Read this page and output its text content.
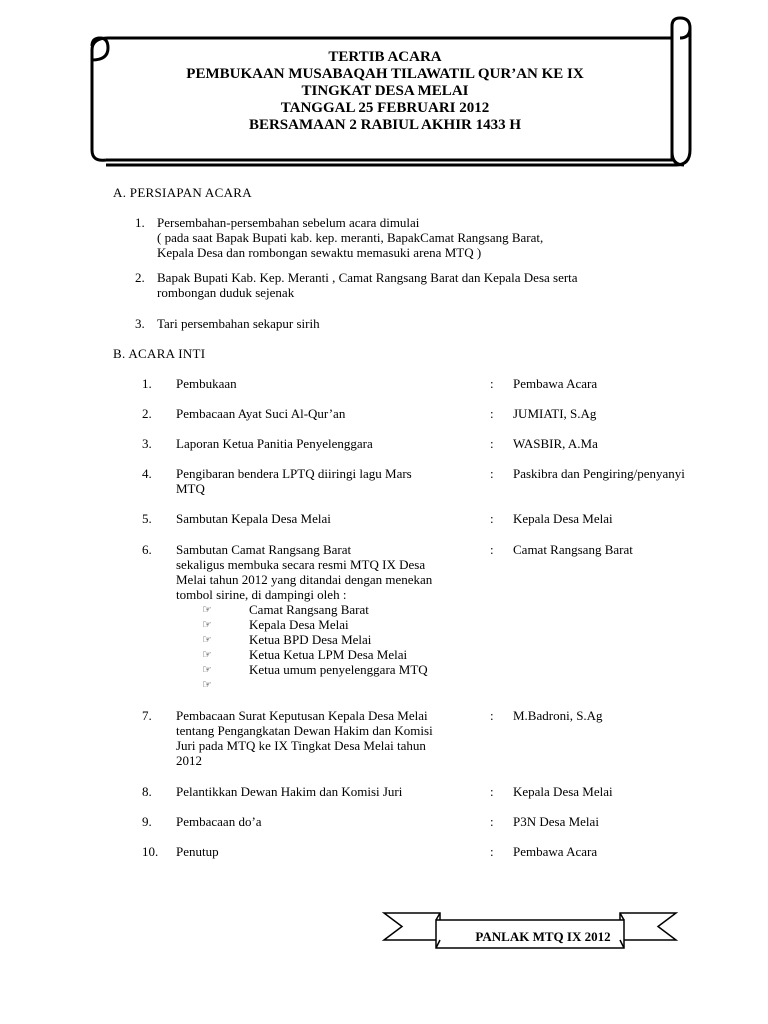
TERTIB ACARA
PEMBUKAAN MUSABAQAH TILAWATIL QUR’AN KE IX
TINGKAT DESA MELAI
TANGGAL 25 FEBRUARI 2012
BERSAMAAN 2 RABIUL AKHIR 1433 H
A. PERSIAPAN ACARA
1. Persembahan-persembahan sebelum acara dimulai
( pada saat Bapak Bupati kab. kep. meranti, BapakCamat Rangsang Barat,
Kepala Desa dan rombongan sewaktu memasuki arena MTQ )
2. Bapak Bupati Kab. Kep. Meranti , Camat Rangsang Barat dan Kepala Desa serta
rombongan duduk sejenak
3. Tari persembahan sekapur sirih
B. ACARA INTI
1. Pembukaan	: Pembawa Acara
2. Pembacaan Ayat Suci Al-Qur’an	: JUMIATI, S.Ag
3. Laporan Ketua Panitia Penyelenggara	: WASBIR, A.Ma
4. Pengibaran bendera LPTQ diiringi lagu Mars
MTQ
: Paskibra dan Pengiring/penyanyi
5. Sambutan Kepala Desa Melai	: Kepala Desa Melai
6. Sambutan Camat Rangsang Barat
sekaligus membuka secara resmi MTQ IX Desa
Melai tahun 2012 yang ditandai dengan menekan
tombol sirine, di dampingi oleh :
☞	Camat Rangsang Barat
☞	Kepala Desa Melai
☞	Ketua BPD Desa Melai
☞	Ketua Ketua LPM Desa Melai
☞	Ketua umum penyelenggara MTQ
☞
: Camat Rangsang Barat
7. Pembacaan Surat Keputusan Kepala Desa Melai
tentang Pengangkatan Dewan Hakim dan Komisi
Juri pada MTQ ke IX Tingkat Desa Melai tahun
2012
: M.Badroni, S.Ag
8. Pelantikkan Dewan Hakim dan Komisi Juri	: Kepala Desa Melai
9. Pembacaan do’a	: P3N Desa Melai
10. Penutup	: Pembawa Acara
PANLAK MTQ IX 2012
